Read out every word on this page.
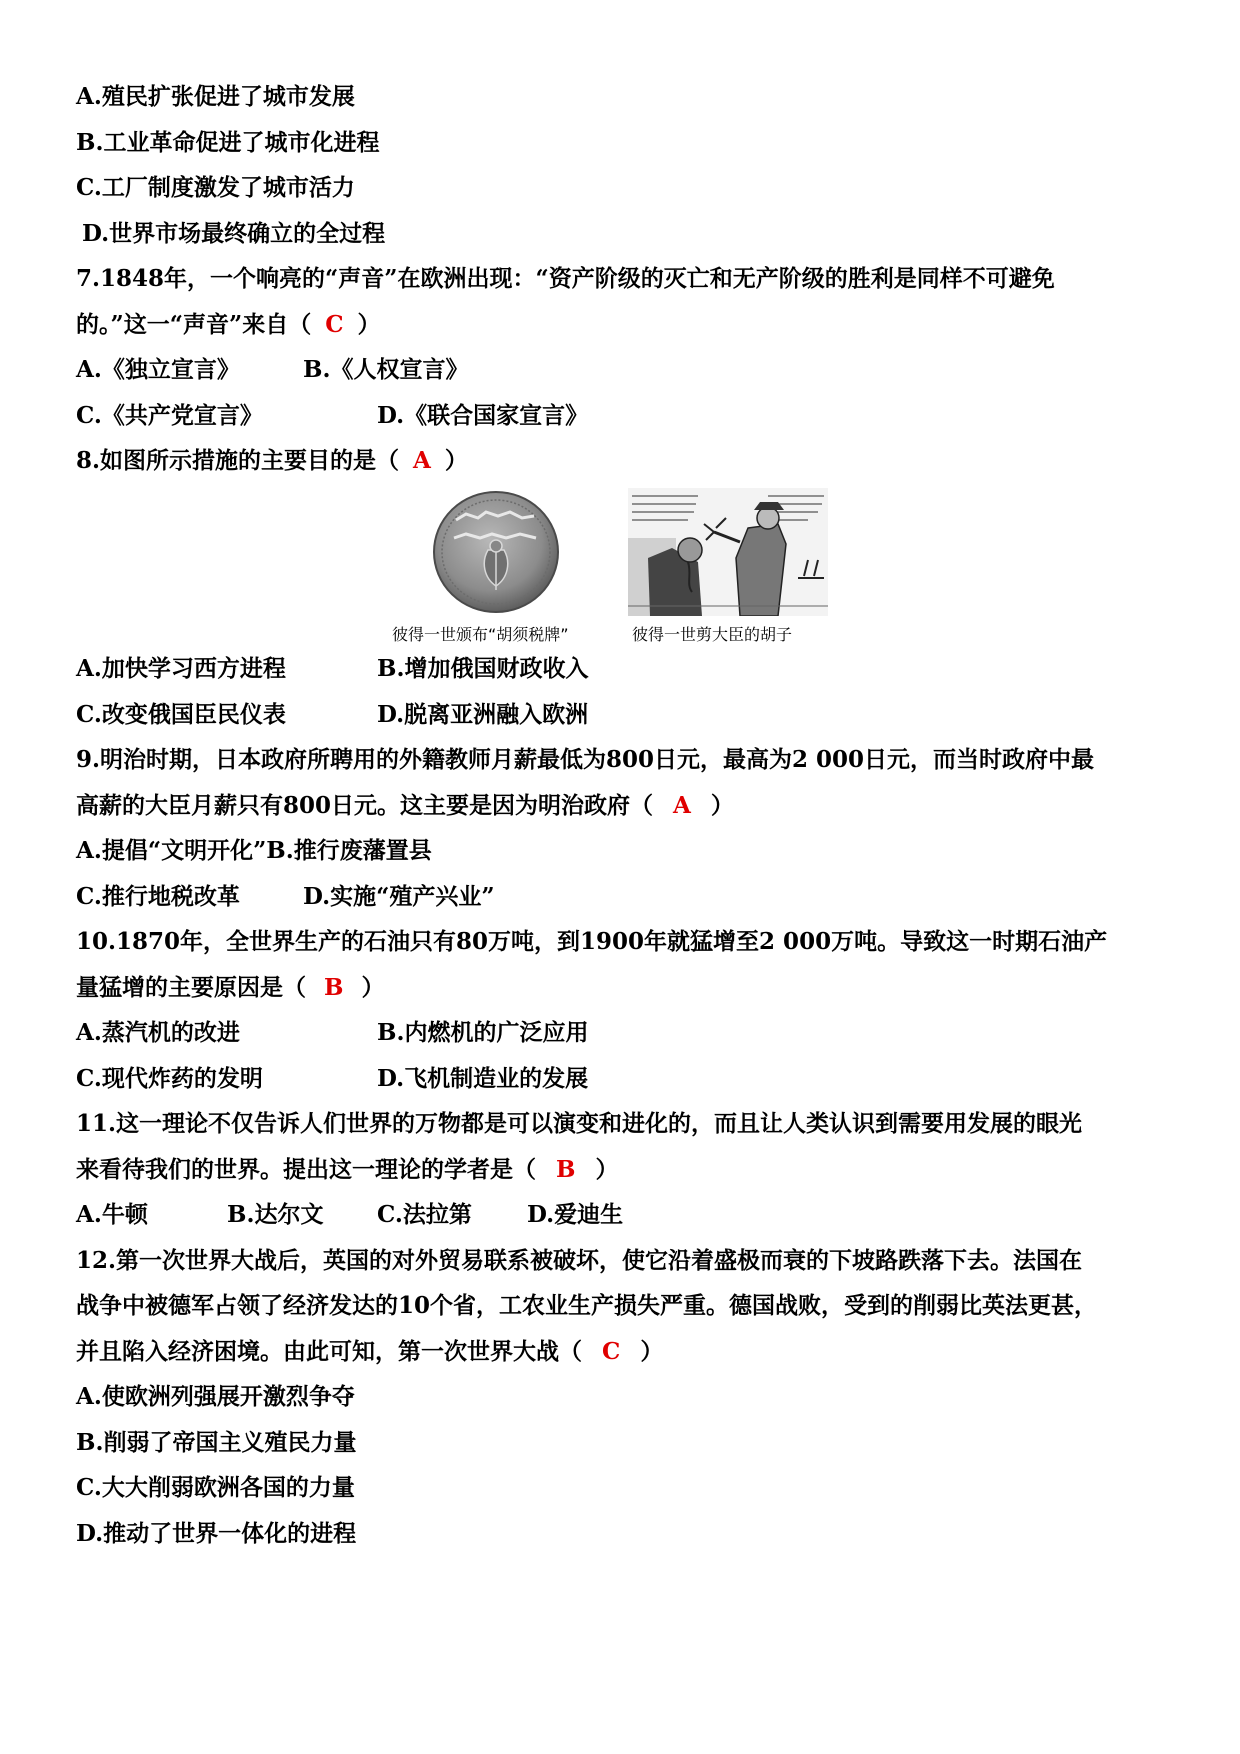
A.殖民扩张促进了城市发展
B.工业革命促进了城市化进程
C.工厂制度激发了城市活力
D.世界市场最终确立的全过程
7.1848年，一个响亮的“声音”在欧洲出现：“资产阶级的灭亡和无产阶级的胜利是同样不可避免
的。”这一“声音”来自（ C ）
A.《独立宣言》	B.《人权宣言》
C.《共产党宣言》	D.《联合国家宣言》
8.如图所示措施的主要目的是（ A ）
彼得一世颁布“胡须税牌”	彼得一世剪大臣的胡子
A.加快学习西方进程	B.增加俄国财政收入
C.改变俄国臣民仪表	D.脱离亚洲融入欧洲
9.明治时期，日本政府所聘用的外籍教师月薪最低为800日元，最高为2 000日元，而当时政府中最
高薪的大臣月薪只有800日元。这主要是因为明治政府（ A ）
A.提倡“文明开化”B.推行废藩置县
C.推行地税改革	D.实施“殖产兴业”
10.1870年，全世界生产的石油只有80万吨，到1900年就猛增至2 000万吨。导致这一时期石油产
量猛增的主要原因是（ B ）
A.蒸汽机的改进	B.内燃机的广泛应用
C.现代炸药的发明	D.飞机制造业的发展
11.这一理论不仅告诉人们世界的万物都是可以演变和进化的，而且让人类认识到需要用发展的眼光
来看待我们的世界。提出这一理论的学者是（ B ）
A.牛顿	B.达尔文 C.法拉第 D.爱迪生
12.第一次世界大战后，英国的对外贸易联系被破坏，使它沿着盛极而衰的下坡路跌落下去。法国在
战争中被德军占领了经济发达的10个省，工农业生产损失严重。德国战败，受到的削弱比英法更甚，
并且陷入经济困境。由此可知，第一次世界大战（ C ）
A.使欧洲列强展开激烈争夺
B.削弱了帝国主义殖民力量
C.大大削弱欧洲各国的力量
D.推动了世界一体化的进程
